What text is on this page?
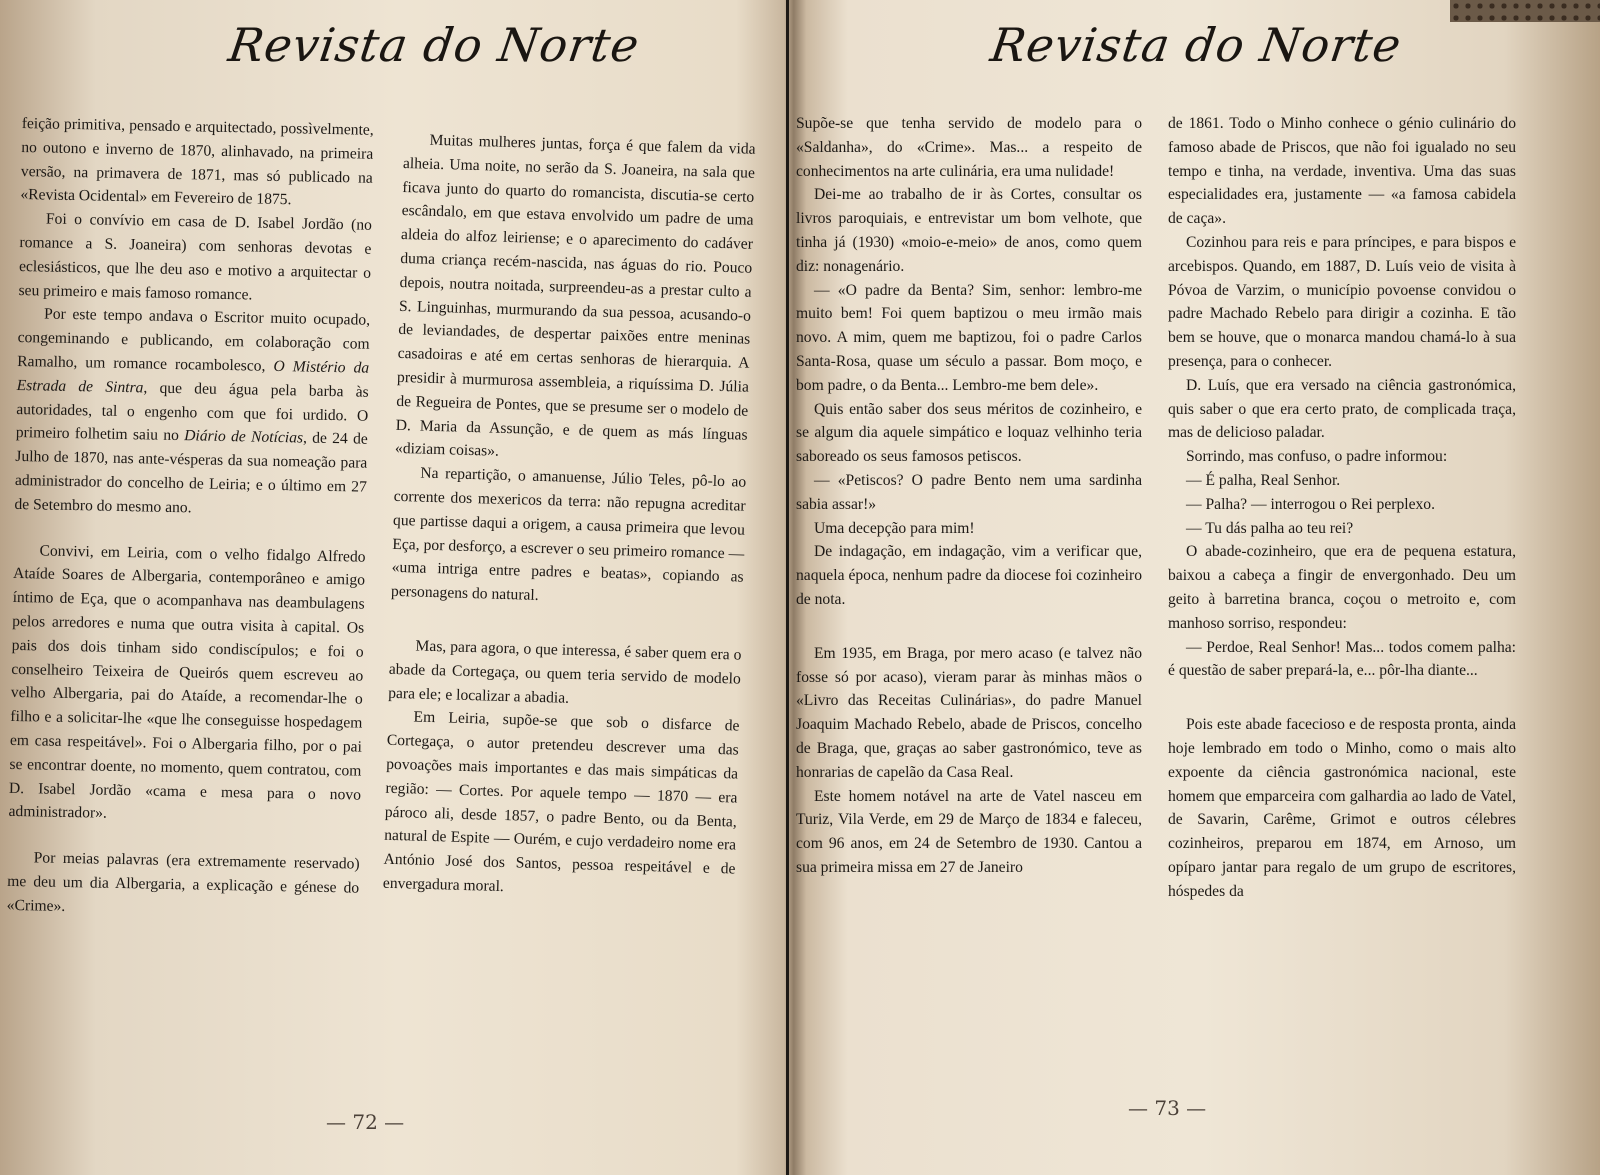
Revista do Norte

feição primitiva, pensado e arquitectado, possìvelmente, no outono e inverno de 1870, alinhavado, na primeira versão, na primavera de 1871, mas só publicado na «Revista Ocidental» em Fevereiro de 1875.

Foi o convívio em casa de D. Isabel Jordão (no romance a S. Joaneira) com senhoras devotas e eclesiásticos, que lhe deu aso e motivo a arquitectar o seu primeiro e mais famoso romance.

Por este tempo andava o Escritor muito ocupado, congeminando e publicando, em colaboração com Ramalho, um romance rocambolesco, O Mistério da Estrada de Sintra, que deu água pela barba às autoridades, tal o engenho com que foi urdido. O primeiro folhetim saiu no Diário de Notícias, de 24 de Julho de 1870, nas ante-vésperas da sua nomeação para administrador do concelho de Leiria; e o último em 27 de Setembro do mesmo ano.

Convivi, em Leiria, com o velho fidalgo Alfredo Ataíde Soares de Albergaria, contemporâneo e amigo íntimo de Eça, que o acompanhava nas deambulagens pelos arredores e numa que outra visita à capital. Os pais dos dois tinham sido condiscípulos; e foi o conselheiro Teixeira de Queirós quem escreveu ao velho Albergaria, pai do Ataíde, a recomendar-lhe o filho e a solicitar-lhe «que lhe conseguisse hospedagem em casa respeitável». Foi o Albergaria filho, por o pai se encontrar doente, no momento, quem contratou, com D. Isabel Jordão «cama e mesa para o novo administrador».

Por meias palavras (era extremamente reservado) me deu um dia Albergaria, a explicação e génese do «Crime».

Muitas mulheres juntas, força é que falem da vida alheia. Uma noite, no serão da S. Joaneira, na sala que ficava junto do quarto do romancista, discutia-se certo escândalo, em que estava envolvido um padre de uma aldeia do alfoz leiriense; e o aparecimento do cadáver duma criança recém-nascida, nas águas do rio. Pouco depois, noutra noitada, surpreendeu-as a prestar culto a S. Linguinhas, murmurando da sua pessoa, acusando-o de leviandades, de despertar paixões entre meninas casadoiras e até em certas senhoras de hierarquia. A presidir à murmurosa assembleia, a riquíssima D. Júlia de Regueira de Pontes, que se presume ser o modelo de D. Maria da Assunção, e de quem as más línguas «diziam coisas».

Na repartição, o amanuense, Júlio Teles, pô-lo ao corrente dos mexericos da terra: não repugna acreditar que partisse daqui a origem, a causa primeira que levou Eça, por desforço, a escrever o seu primeiro romance — «uma intriga entre padres e beatas», copiando as personagens do natural.

Mas, para agora, o que interessa, é saber quem era o abade da Cortegaça, ou quem teria servido de modelo para ele; e localizar a abadia.

Em Leiria, supõe-se que sob o disfarce de Cortegaça, o autor pretendeu descrever uma das povoações mais importantes e das mais simpáticas da região: — Cortes. Por aquele tempo — 1870 — era pároco ali, desde 1857, o padre Bento, ou da Benta, natural de Espite — Ourém, e cujo verdadeiro nome era António José dos Santos, pessoa respeitável e de envergadura moral.

— 72 —
Revista do Norte

Supõe-se que tenha servido de modelo para o «Saldanha», do «Crime». Mas... a respeito de conhecimentos na arte culinária, era uma nulidade!

Dei-me ao trabalho de ir às Cortes, consultar os livros paroquiais, e entrevistar um bom velhote, que tinha já (1930) «moio-e-meio» de anos, como quem diz: nonagenário.

— «O padre da Benta? Sim, senhor: lembro-me muito bem! Foi quem baptizou o meu irmão mais novo. A mim, quem me baptizou, foi o padre Carlos Santa-Rosa, quase um século a passar. Bom moço, e bom padre, o da Benta... Lembro-me bem dele».

Quis então saber dos seus méritos de cozinheiro, e se algum dia aquele simpático e loquaz velhinho teria saboreado os seus famosos petiscos.

— «Petiscos? O padre Bento nem uma sardinha sabia assar!»

Uma decepção para mim!

De indagação, em indagação, vim a verificar que, naquela época, nenhum padre da diocese foi cozinheiro de nota.

Em 1935, em Braga, por mero acaso (e talvez não fosse só por acaso), vieram parar às minhas mãos o «Livro das Receitas Culinárias», do padre Manuel Joaquim Machado Rebelo, abade de Priscos, concelho de Braga, que, graças ao saber gastronómico, teve as honrarias de capelão da Casa Real.

Este homem notável na arte de Vatel nasceu em Turiz, Vila Verde, em 29 de Março de 1834 e faleceu, com 96 anos, em 24 de Setembro de 1930. Cantou a sua primeira missa em 27 de Janeiro

de 1861. Todo o Minho conhece o génio culinário do famoso abade de Priscos, que não foi igualado no seu tempo e tinha, na verdade, inventiva. Uma das suas especialidades era, justamente — «a famosa cabidela de caça».

Cozinhou para reis e para príncipes, e para bispos e arcebispos. Quando, em 1887, D. Luís veio de visita à Póvoa de Varzim, o município povoense convidou o padre Machado Rebelo para dirigir a cozinha. E tão bem se houve, que o monarca mandou chamá-lo à sua presença, para o conhecer.

D. Luís, que era versado na ciência gastronómica, quis saber o que era certo prato, de complicada traça, mas de delicioso paladar.

Sorrindo, mas confuso, o padre informou:

— É palha, Real Senhor.

— Palha? — interrogou o Rei perplexo.

— Tu dás palha ao teu rei?

O abade-cozinheiro, que era de pequena estatura, baixou a cabeça a fingir de envergonhado. Deu um geito à barretina branca, coçou o metroito e, com manhoso sorriso, respondeu:

— Perdoe, Real Senhor! Mas... todos comem palha: é questão de saber prepará-la, e... pôr-lha diante...

Pois este abade facecioso e de resposta pronta, ainda hoje lembrado em todo o Minho, como o mais alto expoente da ciência gastronómica nacional, este homem que emparceira com galhardia ao lado de Vatel, de Savarin, Carême, Grimot e outros célebres cozinheiros, preparou em 1874, em Arnoso, um opíparo jantar para regalo de um grupo de escritores, hóspedes da

— 73 —
